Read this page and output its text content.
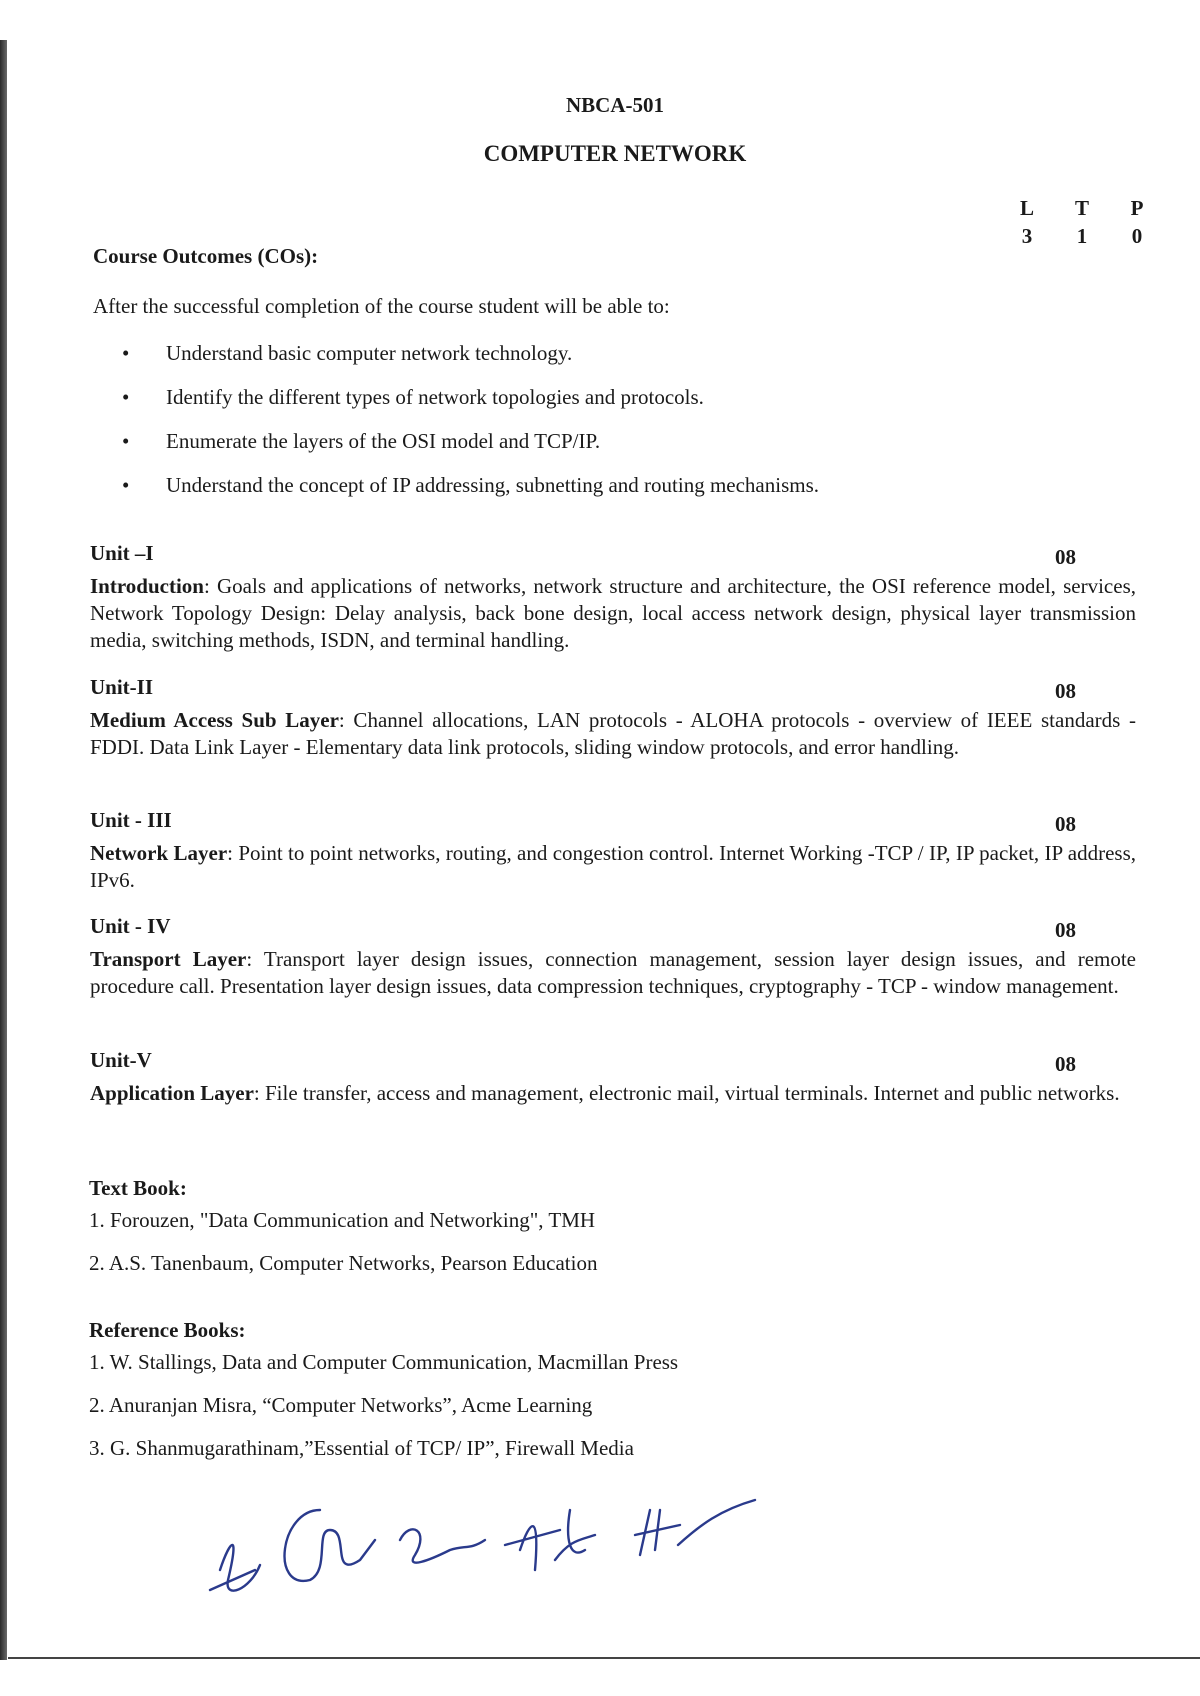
NBCA-501

COMPUTER NETWORK

L	T	P
3	1	0

Course Outcomes (COs):

After the successful completion of the course student will be able to:

•	Understand basic computer network technology.
•	Identify the different types of network topologies and protocols.
•	Enumerate the layers of the OSI model and TCP/IP.
•	Understand the concept of IP addressing, subnetting and routing mechanisms.
Unit –I	08
Introduction: Goals and applications of networks, network structure and architecture, the OSI reference model, services, Network Topology Design: Delay analysis, back bone design, local access network design, physical layer transmission media, switching methods, ISDN, and terminal handling.
Unit-II	08
Medium Access Sub Layer: Channel allocations, LAN protocols - ALOHA protocols - overview of IEEE standards - FDDI. Data Link Layer - Elementary data link protocols, sliding window protocols, and error handling.
Unit - III	08
Network Layer: Point to point networks, routing, and congestion control. Internet Working -TCP / IP, IP packet, IP address, IPv6.
Unit - IV	08
Transport Layer: Transport layer design issues, connection management, session layer design issues, and remote procedure call. Presentation layer design issues, data compression techniques, cryptography - TCP - window management.
Unit-V	08
Application Layer: File transfer, access and management, electronic mail, virtual terminals. Internet and public networks.
Text Book:
1. Forouzen, "Data Communication and Networking", TMH
2. A.S. Tanenbaum, Computer Networks, Pearson Education
Reference Books:
1. W. Stallings, Data and Computer Communication, Macmillan Press
2. Anuranjan Misra, “Computer Networks”, Acme Learning
3. G. Shanmugarathinam,”Essential of TCP/ IP”, Firewall Media
